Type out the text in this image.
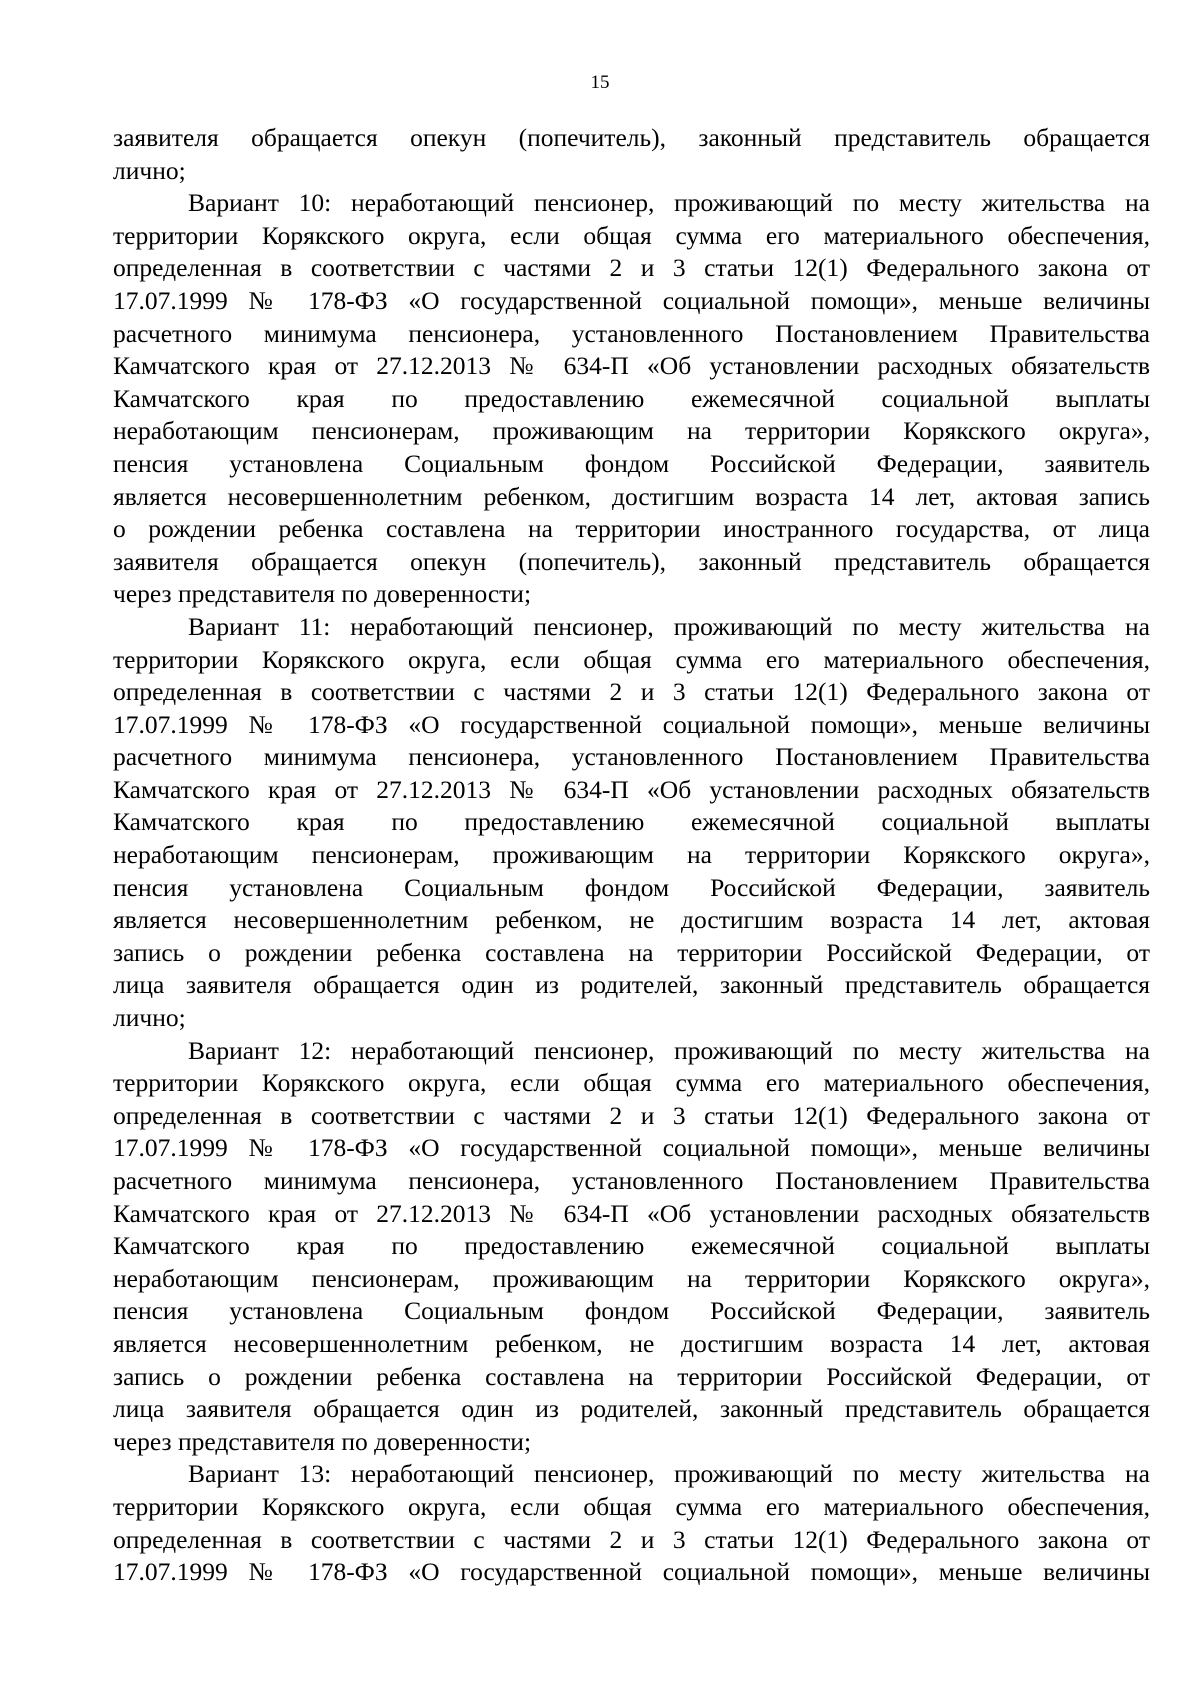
15
заявителя обращается опекун (попечитель), законный представитель обращается
лично;
Вариант 10: неработающий пенсионер, проживающий по месту жительства на
территории Корякского округа, если общая сумма его материального обеспечения,
определенная в соответствии с частями 2 и 3 статьи 12(1) Федерального закона от
17.07.1999 № 178-ФЗ «О государственной социальной помощи», меньше величины
расчетного минимума пенсионера, установленного Постановлением Правительства
Камчатского края от 27.12.2013 № 634-П «Об установлении расходных обязательств
Камчатского края по предоставлению ежемесячной социальной выплаты
неработающим пенсионерам, проживающим на территории Корякского округа»,
пенсия установлена Социальным фондом Российской Федерации, заявитель
является несовершеннолетним ребенком, достигшим возраста 14 лет, актовая запись
о рождении ребенка составлена на территории иностранного государства, от лица
заявителя обращается опекун (попечитель), законный представитель обращается
через представителя по доверенности;
Вариант 11: неработающий пенсионер, проживающий по месту жительства на
территории Корякского округа, если общая сумма его материального обеспечения,
определенная в соответствии с частями 2 и 3 статьи 12(1) Федерального закона от
17.07.1999 № 178-ФЗ «О государственной социальной помощи», меньше величины
расчетного минимума пенсионера, установленного Постановлением Правительства
Камчатского края от 27.12.2013 № 634-П «Об установлении расходных обязательств
Камчатского края по предоставлению ежемесячной социальной выплаты
неработающим пенсионерам, проживающим на территории Корякского округа»,
пенсия установлена Социальным фондом Российской Федерации, заявитель
является несовершеннолетним ребенком, не достигшим возраста 14 лет, актовая
запись о рождении ребенка составлена на территории Российской Федерации, от
лица заявителя обращается один из родителей, законный представитель обращается
лично;
Вариант 12: неработающий пенсионер, проживающий по месту жительства на
территории Корякского округа, если общая сумма его материального обеспечения,
определенная в соответствии с частями 2 и 3 статьи 12(1) Федерального закона от
17.07.1999 № 178-ФЗ «О государственной социальной помощи», меньше величины
расчетного минимума пенсионера, установленного Постановлением Правительства
Камчатского края от 27.12.2013 № 634-П «Об установлении расходных обязательств
Камчатского края по предоставлению ежемесячной социальной выплаты
неработающим пенсионерам, проживающим на территории Корякского округа»,
пенсия установлена Социальным фондом Российской Федерации, заявитель
является несовершеннолетним ребенком, не достигшим возраста 14 лет, актовая
запись о рождении ребенка составлена на территории Российской Федерации, от
лица заявителя обращается один из родителей, законный представитель обращается
через представителя по доверенности;
Вариант 13: неработающий пенсионер, проживающий по месту жительства на
территории Корякского округа, если общая сумма его материального обеспечения,
определенная в соответствии с частями 2 и 3 статьи 12(1) Федерального закона от
17.07.1999 № 178-ФЗ «О государственной социальной помощи», меньше величины
